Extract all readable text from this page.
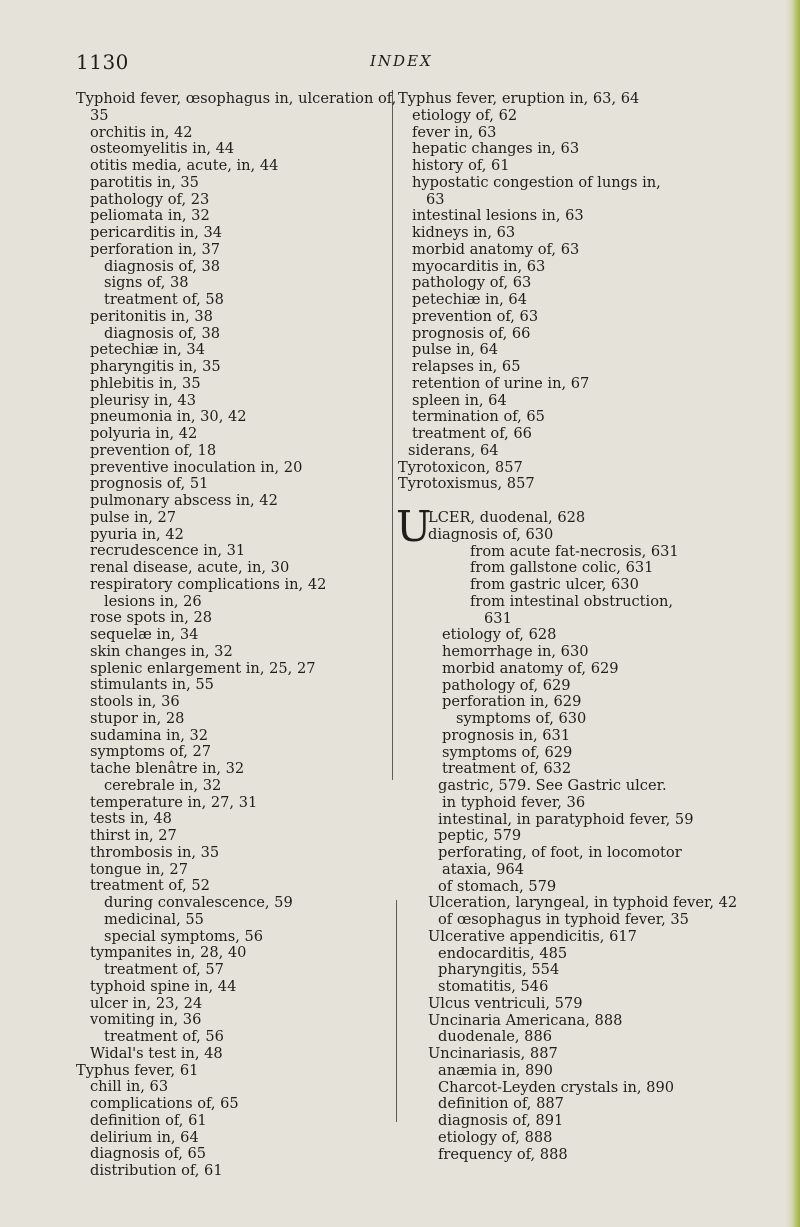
1130	INDEX
Typhoid fever, œsophagus in, ulceration of,
35
orchitis in, 42
osteomyelitis in, 44
otitis media, acute, in, 44
parotitis in, 35
pathology of, 23
peliomata in, 32
pericarditis in, 34
perforation in, 37
diagnosis of, 38
signs of, 38
treatment of, 58
peritonitis in, 38
diagnosis of, 38
petechiæ in, 34
pharyngitis in, 35
phlebitis in, 35
pleurisy in, 43
pneumonia in, 30, 42
polyuria in, 42
prevention of, 18
preventive inoculation in, 20
prognosis of, 51
pulmonary abscess in, 42
pulse in, 27
pyuria in, 42
recrudescence in, 31
renal disease, acute, in, 30
respiratory complications in, 42
lesions in, 26
rose spots in, 28
sequelæ in, 34
skin changes in, 32
splenic enlargement in, 25, 27
stimulants in, 55
stools in, 36
stupor in, 28
sudamina in, 32
symptoms of, 27
tache blenâtre in, 32
cerebrale in, 32
temperature in, 27, 31
tests in, 48
thirst in, 27
thrombosis in, 35
tongue in, 27
treatment of, 52
during convalescence, 59
medicinal, 55
special symptoms, 56
tympanites in, 28, 40
treatment of, 57
typhoid spine in, 44
ulcer in, 23, 24
vomiting in, 36
treatment of, 56
Widal's test in, 48
Typhus fever, 61
chill in, 63
complications of, 65
definition of, 61
delirium in, 64
diagnosis of, 65
distribution of, 61
Typhus fever, eruption in, 63, 64
etiology of, 62
fever in, 63
hepatic changes in, 63
history of, 61
hypostatic congestion of lungs in,
63
intestinal lesions in, 63
kidneys in, 63
morbid anatomy of, 63
myocarditis in, 63
pathology of, 63
petechiæ in, 64
prevention of, 63
prognosis of, 66
pulse in, 64
relapses in, 65
retention of urine in, 67
spleen in, 64
termination of, 65
treatment of, 66
siderans, 64
Tyrotoxicon, 857
Tyrotoxismus, 857
U
LCER, duodenal, 628
diagnosis of, 630
from acute fat-necrosis, 631
from gallstone colic, 631
from gastric ulcer, 630
from intestinal obstruction,
631
etiology of, 628
hemorrhage in, 630
morbid anatomy of, 629
pathology of, 629
perforation in, 629
symptoms of, 630
prognosis in, 631
symptoms of, 629
treatment of, 632
gastric, 579. See Gastric ulcer.
in typhoid fever, 36
intestinal, in paratyphoid fever, 59
peptic, 579
perforating, of foot, in locomotor
ataxia, 964
of stomach, 579
Ulceration, laryngeal, in typhoid fever, 42
of œsophagus in typhoid fever, 35
Ulcerative appendicitis, 617
endocarditis, 485
pharyngitis, 554
stomatitis, 546
Ulcus ventriculi, 579
Uncinaria Americana, 888
duodenale, 886
Uncinariasis, 887
anæmia in, 890
Charcot-Leyden crystals in, 890
definition of, 887
diagnosis of, 891
etiology of, 888
frequency of, 888
